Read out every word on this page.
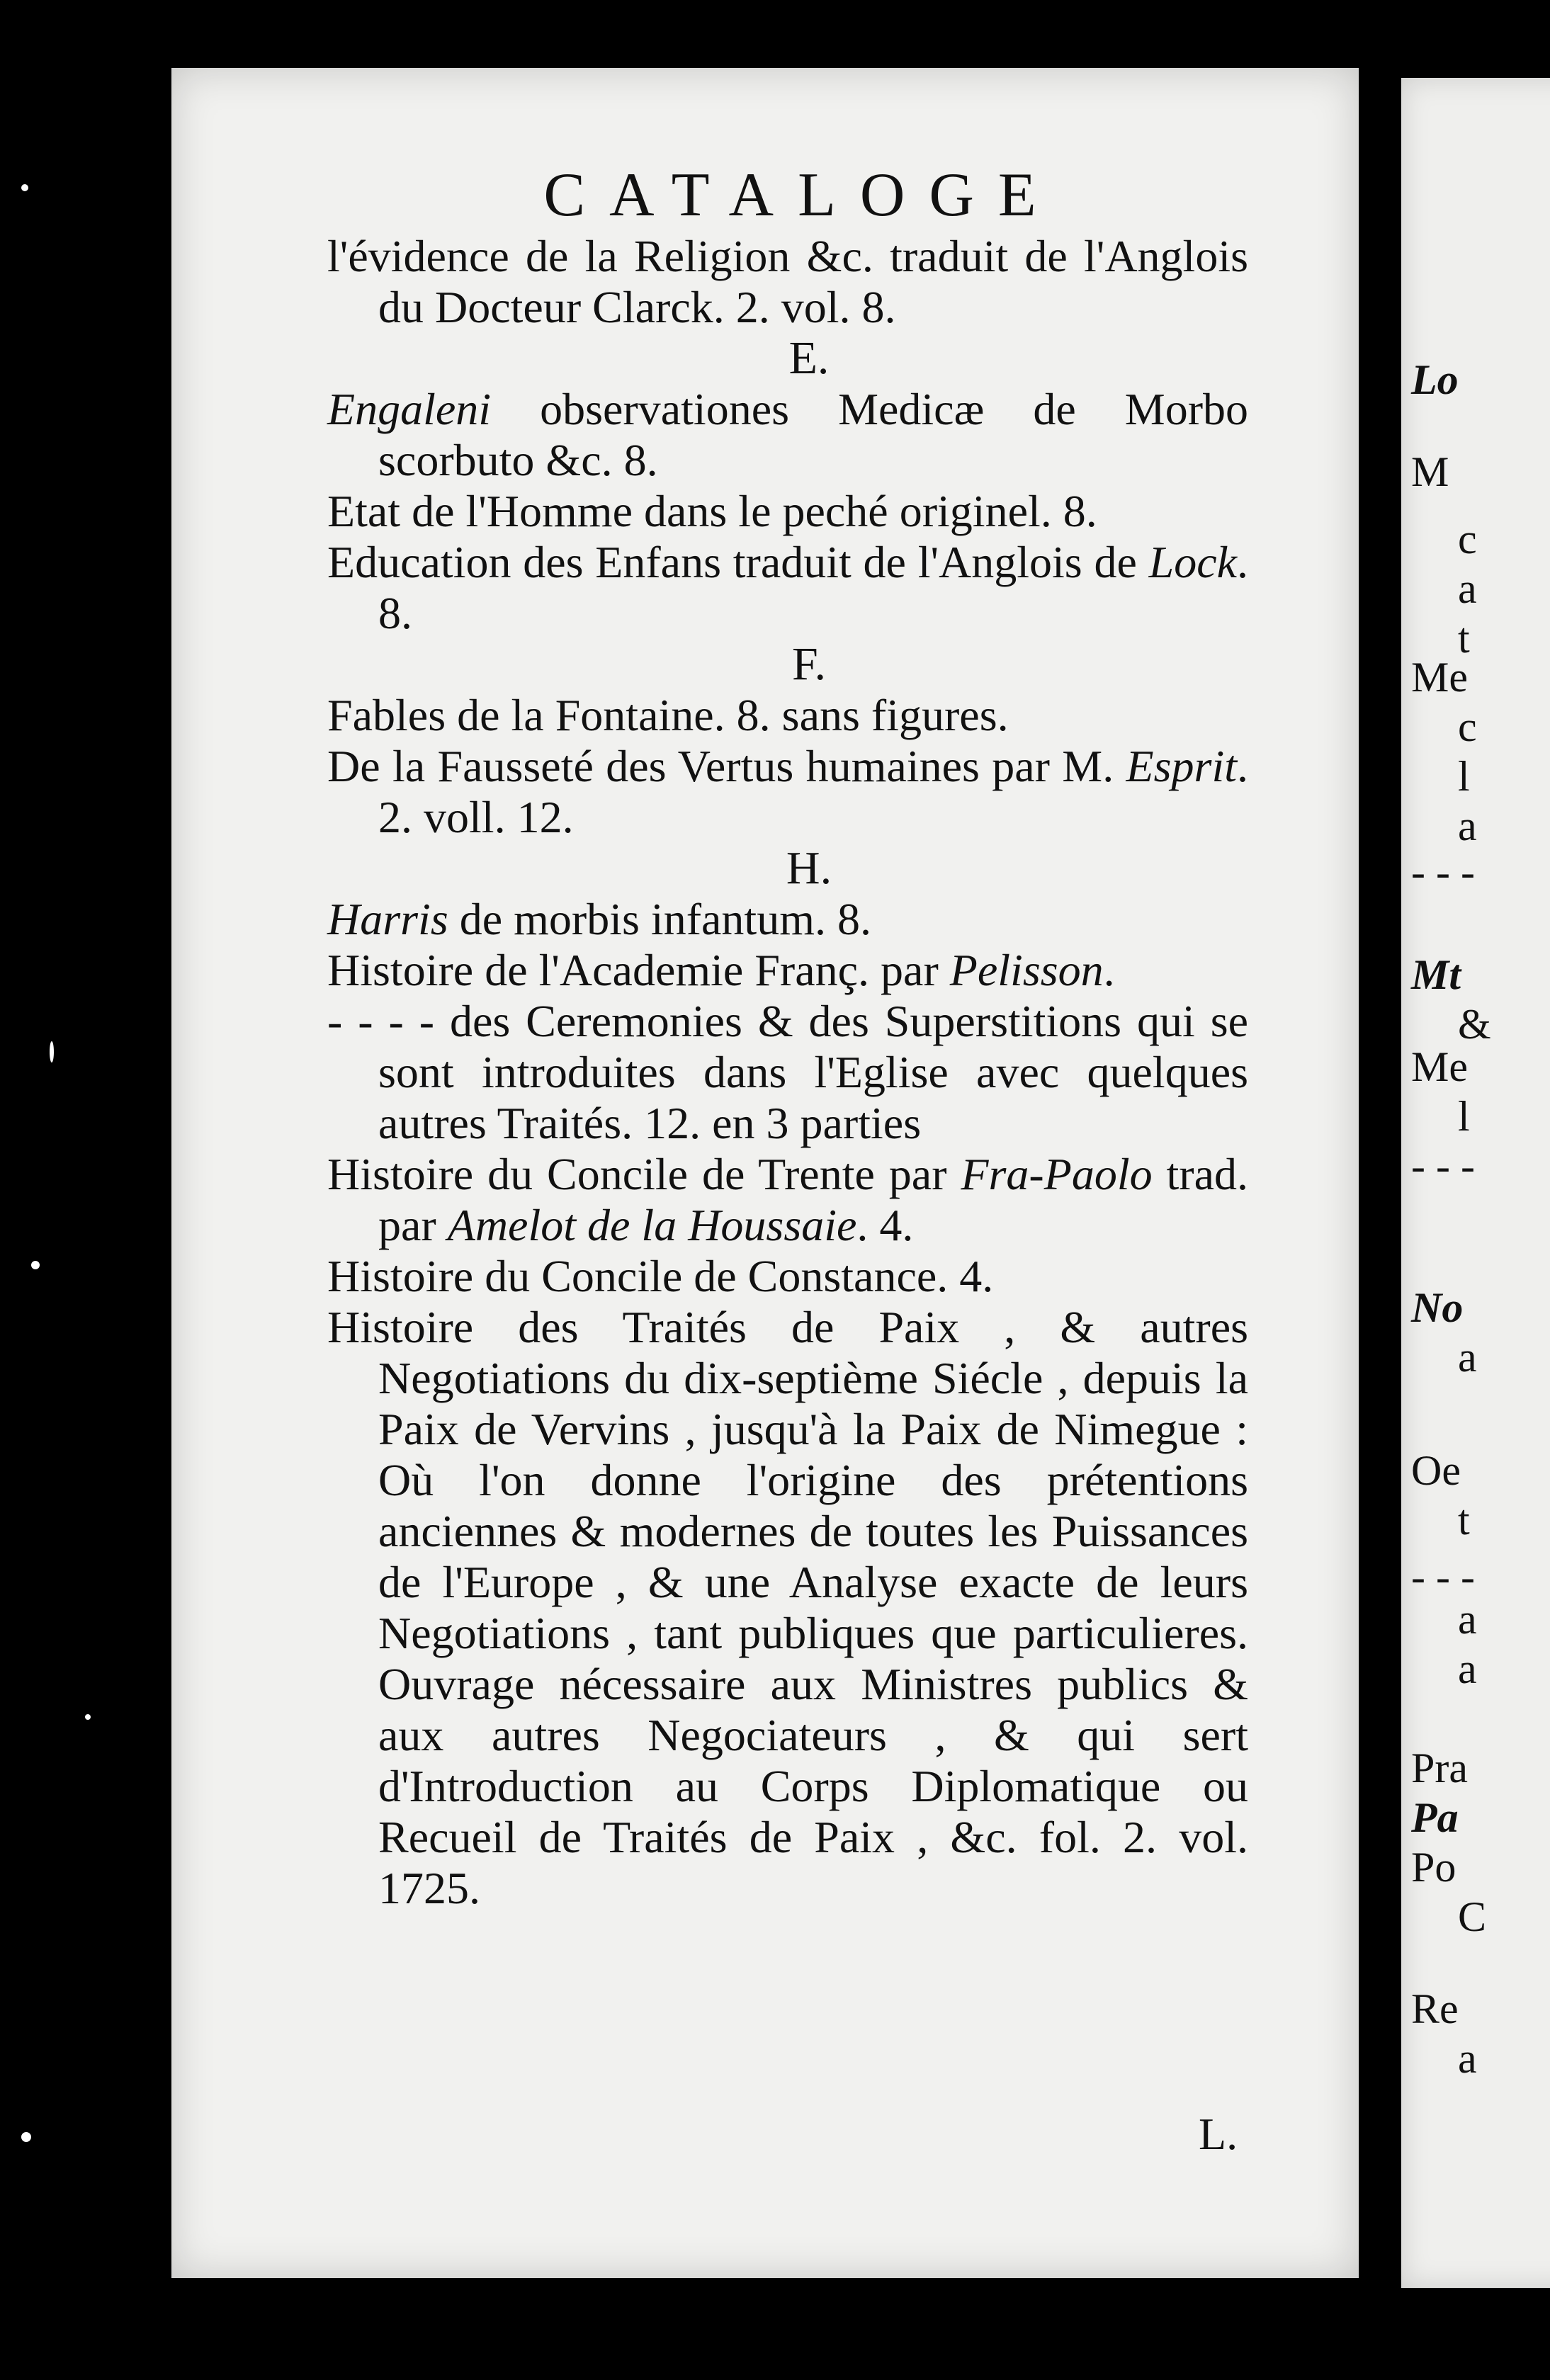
CATALOGE

l'évidence de la Religion &c. traduit de l'Anglois du Docteur Clarck. 2. vol. 8.

E.

Engaleni observationes Medicæ de Morbo scorbuto &c. 8.

Etat de l'Homme dans le peché originel. 8.

Education des Enfans traduit de l'Anglois de Lock. 8.

F.

Fables de la Fontaine. 8. sans figures.

De la Fausseté des Vertus humaines par M. Esprit. 2. voll. 12.

H.

Harris de morbis infantum. 8.

Histoire de l'Academie Franç. par Pelisson.

- - - - des Ceremonies & des Superstitions qui se sont introduites dans l'Eglise avec quelques autres Traités. 12. en 3 parties

Histoire du Concile de Trente par Fra-Paolo trad. par Amelot de la Houssaie. 4.

Histoire du Concile de Constance. 4.

Histoire des Traités de Paix , & autres Negotiations du dix-septième Siécle , depuis la Paix de Vervins , jusqu'à la Paix de Nimegue : Où l'on donne l'origine des prétentions anciennes & modernes de toutes les Puissances de l'Europe , & une Analyse exacte de leurs Negotiations , tant publiques que particulieres. Ouvrage nécessaire aux Ministres publics & aux autres Negociateurs , & qui sert d'Introduction au Corps Diplomatique ou Recueil de Traités de Paix , &c. fol. 2. vol. 1725.

L.
Lo
M
c
a
t
Me
c
l
a
- - -
Mt
&
Me
l
- - -
No
a
Oe
t
- - -
a
a
Pra
Pa
Po
C
Re
a
